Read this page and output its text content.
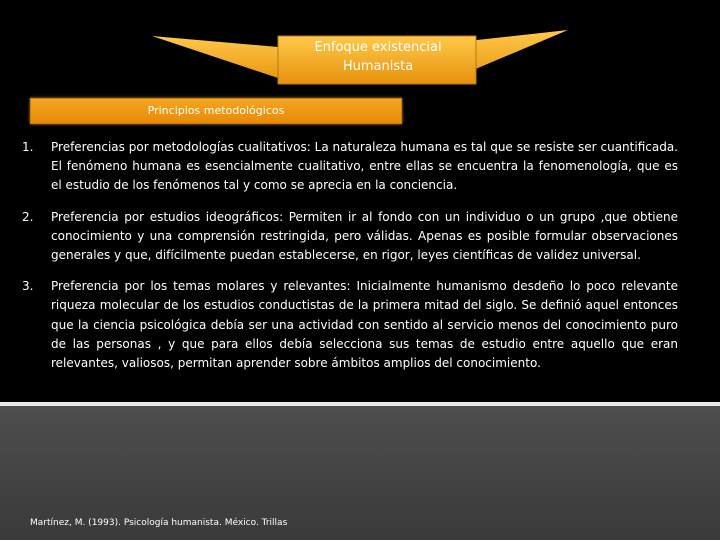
Enfoque existencial
Humanista
Principios metodológicos
1. Preferencias por metodologías cualitativos: La naturaleza humana es tal que se resiste ser cuantificada. El fenómeno humana es esencialmente cualitativo, entre ellas se encuentra la fenomenología, que es el estudio de los fenómenos tal y como se aprecia en la conciencia.
2. Preferencia por estudios ideográficos: Permiten ir al fondo con un individuo o un grupo ,que obtiene conocimiento y una comprensión restringida, pero válidas. Apenas es posible formular observaciones generales y que, difícilmente puedan establecerse, en rigor, leyes científicas de validez universal.
3. Preferencia por los temas molares y relevantes: Inicialmente humanismo desdeño lo poco relevante riqueza molecular de los estudios conductistas de la primera mitad del siglo. Se definió aquel entonces que la ciencia psicológica debía ser una actividad con sentido al servicio menos del conocimiento puro de las personas , y que para ellos debía selecciona sus temas de estudio entre aquello que eran relevantes, valiosos, permitan aprender sobre ámbitos amplios del conocimiento.
Martínez, M. (1993). Psicología humanista. México. Trillas
